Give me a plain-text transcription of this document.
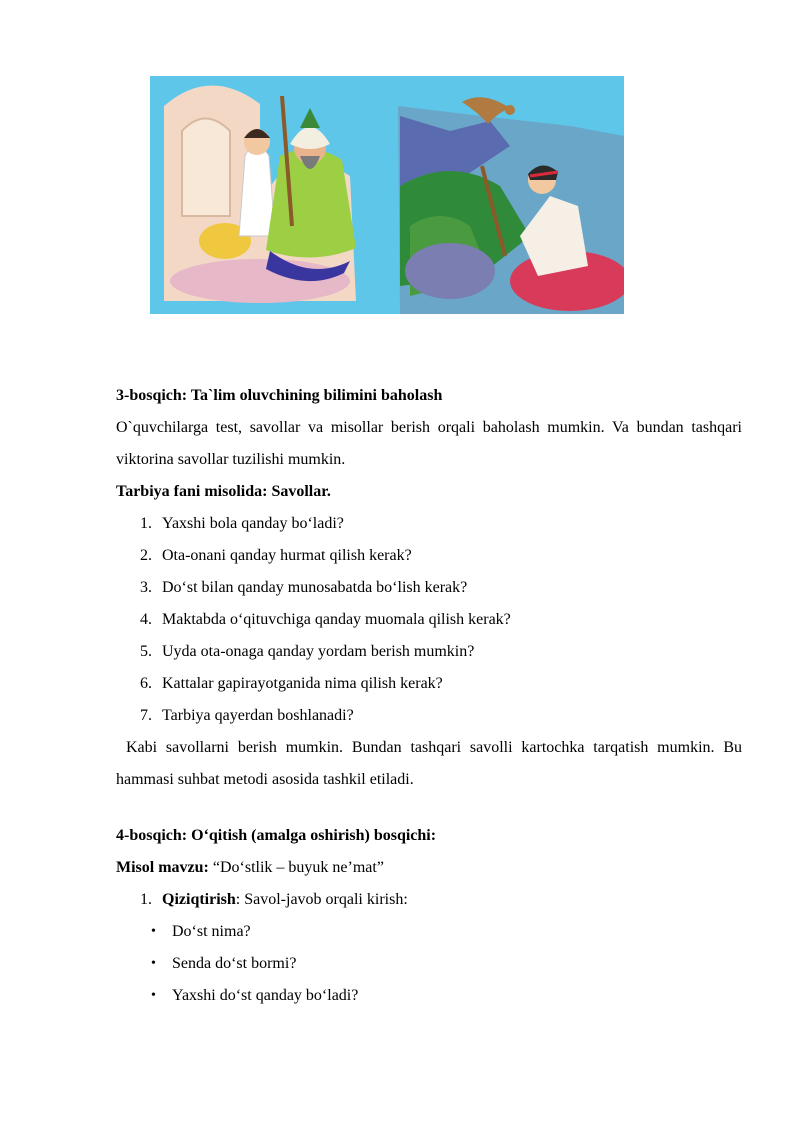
3-bosqich: Ta`lim oluvchining bilimini baholash

O`quvchilarga test, savollar va misollar berish orqali baholash mumkin. Va bundan tashqari viktorina savollar tuzilishi mumkin.

Tarbiya fani misolida: Savollar.

1. Yaxshi bola qanday bo‘ladi?

2. Ota-onani qanday hurmat qilish kerak?

3. Do‘st bilan qanday munosabatda bo‘lish kerak?

4. Maktabda o‘qituvchiga qanday muomala qilish kerak?

5. Uyda ota-onaga qanday yordam berish mumkin?

6. Kattalar gapirayotganida nima qilish kerak?

7. Tarbiya qayerdan boshlanadi?

Kabi savollarni berish mumkin. Bundan tashqari savolli kartochka tarqatish mumkin. Bu hammasi suhbat metodi asosida tashkil etiladi.

4-bosqich: O‘qitish (amalga oshirish) bosqichi:

Misol mavzu: “Do‘stlik – buyuk ne’mat”

1. Qiziqtirish: Savol-javob orqali kirish:

• Do‘st nima?

• Senda do‘st bormi?

• Yaxshi do‘st qanday bo‘ladi?
